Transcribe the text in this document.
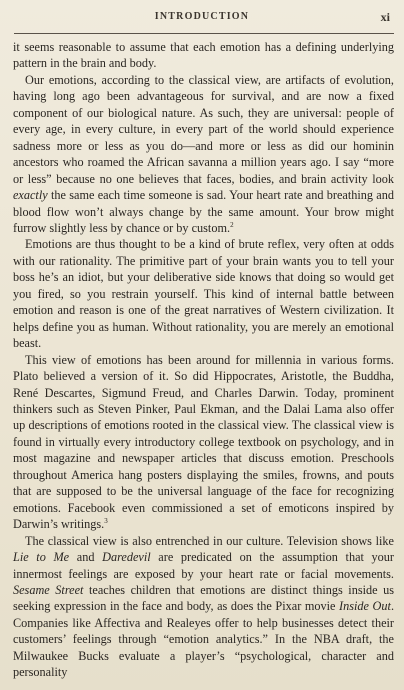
INTRODUCTION	xi

it seems reasonable to assume that each emotion has a defining underlying pattern in the brain and body.

Our emotions, according to the classical view, are artifacts of evolution, having long ago been advantageous for survival, and are now a fixed component of our biological nature. As such, they are universal: people of every age, in every culture, in every part of the world should experience sadness more or less as you do—and more or less as did our hominin ancestors who roamed the African savanna a million years ago. I say “more or less” because no one believes that faces, bodies, and brain activity look exactly the same each time someone is sad. Your heart rate and breathing and blood flow won’t always change by the same amount. Your brow might furrow slightly less by chance or by custom.$^2$

Emotions are thus thought to be a kind of brute reflex, very often at odds with our rationality. The primitive part of your brain wants you to tell your boss he’s an idiot, but your deliberative side knows that doing so would get you fired, so you restrain yourself. This kind of internal battle between emotion and reason is one of the great narratives of Western civilization. It helps define you as human. Without rationality, you are merely an emotional beast.

This view of emotions has been around for millennia in various forms. Plato believed a version of it. So did Hippocrates, Aristotle, the Buddha, René Descartes, Sigmund Freud, and Charles Darwin. Today, prominent thinkers such as Steven Pinker, Paul Ekman, and the Dalai Lama also offer up descriptions of emotions rooted in the classical view. The classical view is found in virtually every introductory college textbook on psychology, and in most magazine and newspaper articles that discuss emotion. Preschools throughout America hang posters displaying the smiles, frowns, and pouts that are supposed to be the universal language of the face for recognizing emotions. Facebook even commissioned a set of emoticons inspired by Darwin’s writings.$^3$

The classical view is also entrenched in our culture. Television shows like Lie to Me and Daredevil are predicated on the assumption that your innermost feelings are exposed by your heart rate or facial movements. Sesame Street teaches children that emotions are distinct things inside us seeking expression in the face and body, as does the Pixar movie Inside Out. Companies like Affectiva and Realeyes offer to help businesses detect their customers’ feelings through “emotion analytics.” In the NBA draft, the Milwaukee Bucks evaluate a player’s “psychological, character and personality
